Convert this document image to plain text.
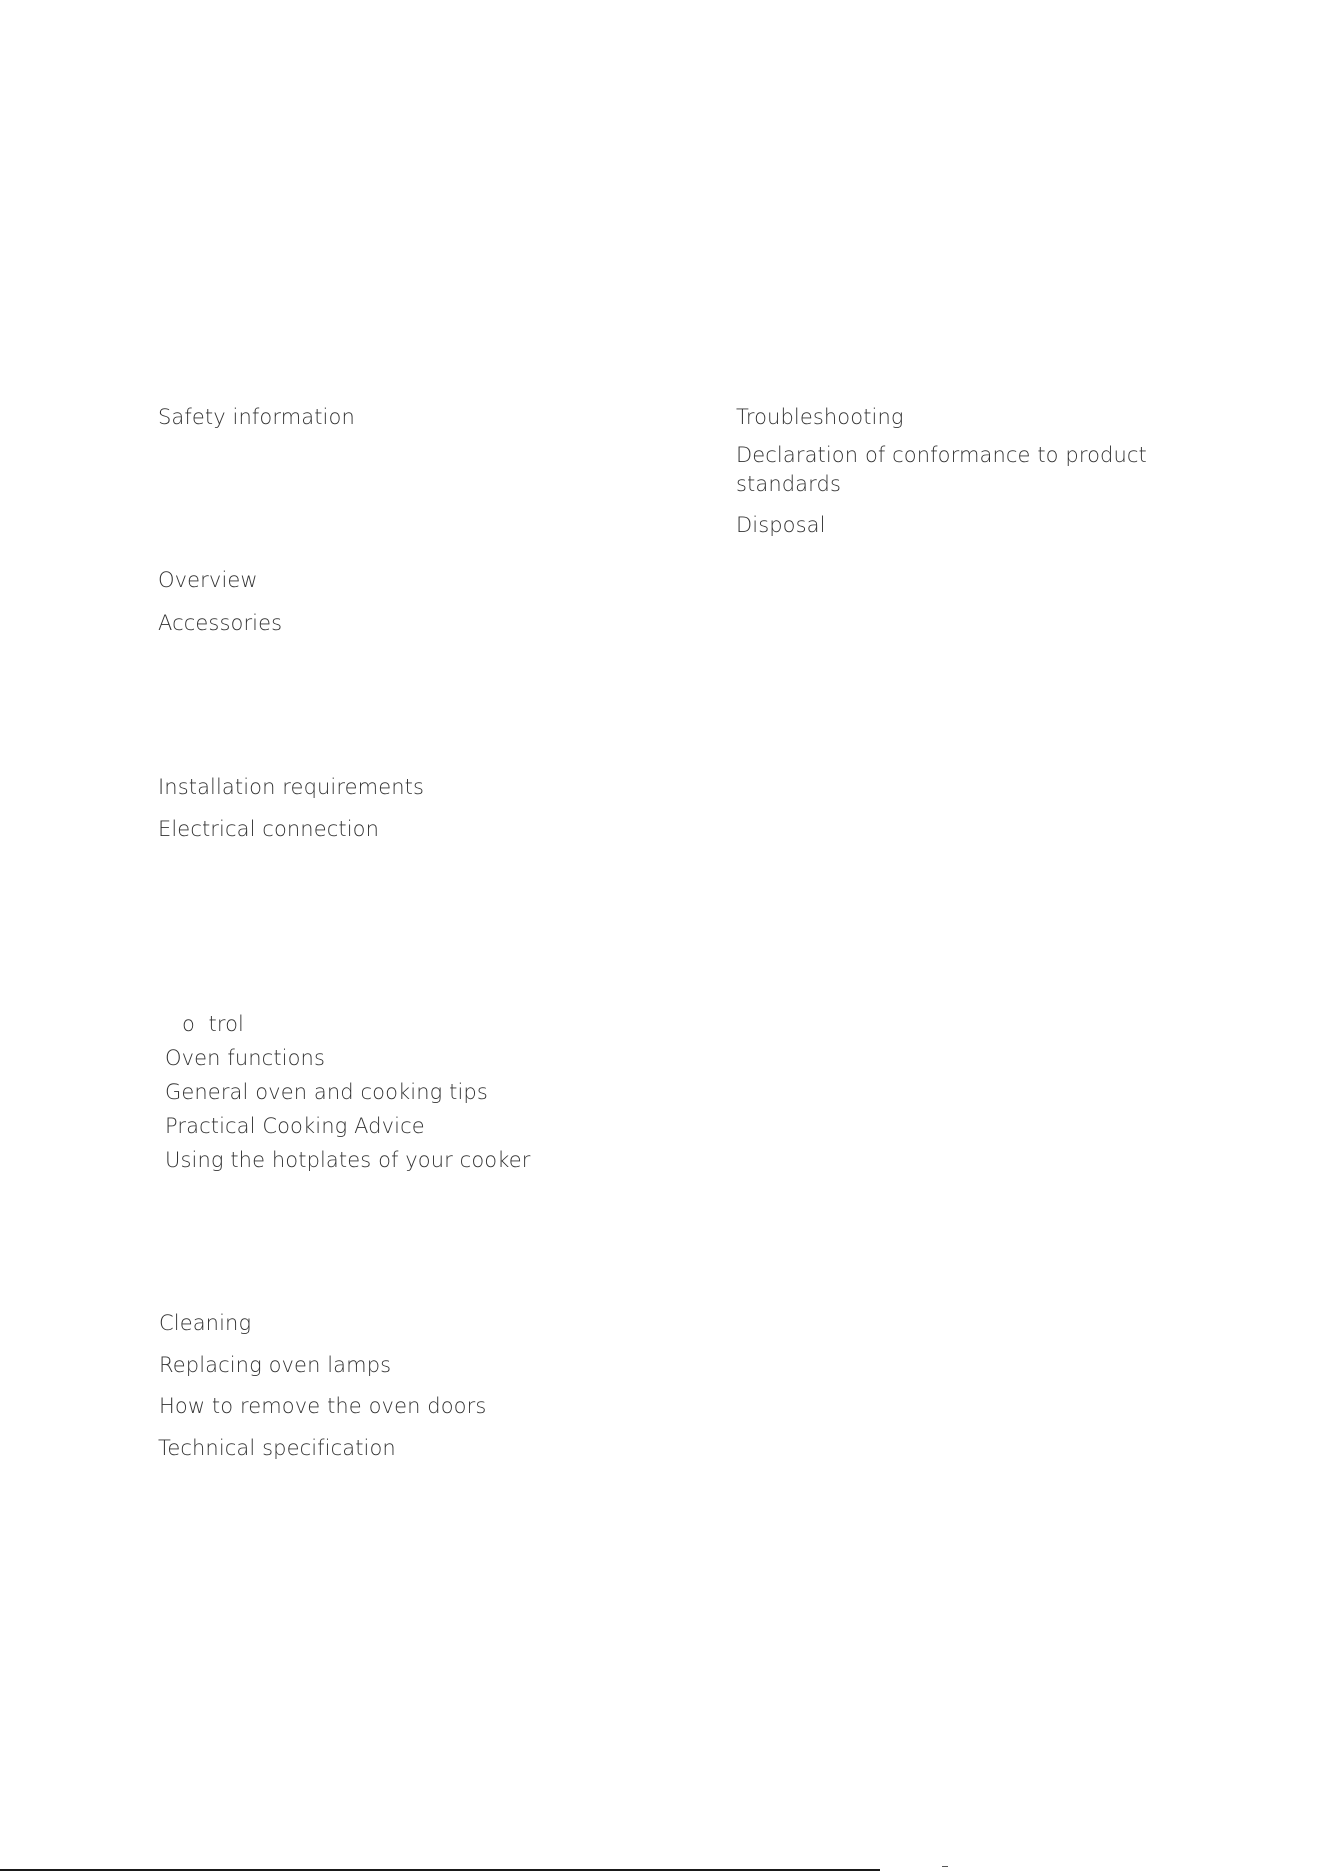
Safety information
Overview
Accessories
Installation requirements
Electrical connection
o  trol
Oven functions
General oven and cooking tips
Practical Cooking Advice
Using the hotplates of your cooker
Cleaning
Replacing oven lamps
How to remove the oven doors
Technical specification
Troubleshooting
Declaration of conformance to product standards
Disposal
